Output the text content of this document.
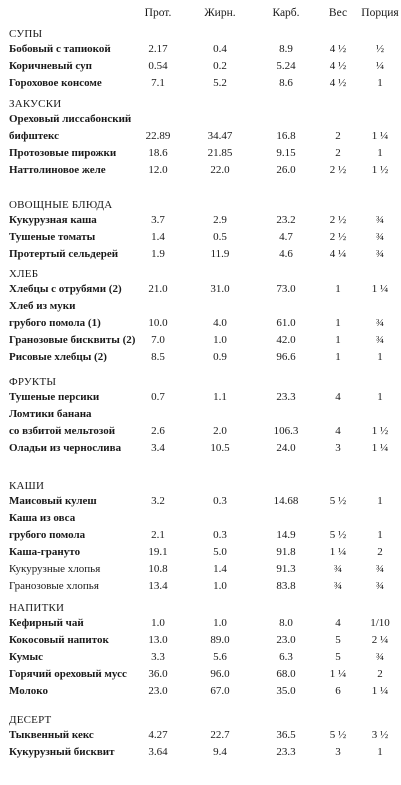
Прот.	Жирн.	Карб.	Вес	Порция
СУПЫ
Бобовый с тапиокой	2.17	0.4	8.9	4 ½	½
Коричневый суп	0.54	0.2	5.24	4 ½	¼
Гороховое консоме	7.1	5.2	8.6	4 ½	1
ЗАКУСКИ
Ореховый лиссабонский
бифштекс	22.89	34.47	16.8	2	1 ¼
Протозовые пирожки	18.6	21.85	9.15	2	1
Наттолиновое желе	12.0	22.0	26.0	2 ½	1 ½
ОВОЩНЫЕ БЛЮДА
Кукурузная каша	3.7	2.9	23.2	2 ½	¾
Тушеные томаты	1.4	0.5	4.7	2 ½	¾
Протертый сельдерей	1.9	11.9	4.6	4 ¼	¾
ХЛЕБ
Хлебцы с отрубями (2)	21.0	31.0	73.0	1	1 ¼
Хлеб из муки
грубого помола (1)	10.0	4.0	61.0	1	¾
Гранозовые бисквиты (2)	7.0	1.0	42.0	1	¾
Рисовые хлебцы (2)	8.5	0.9	96.6	1	1
ФРУКТЫ
Тушеные персики	0.7	1.1	23.3	4	1
Ломтики банана
со взбитой мельтозой	2.6	2.0	106.3	4	1 ½
Оладьи из чернослива	3.4	10.5	24.0	3	1 ¼
КАШИ
Маисовый кулеш	3.2	0.3	14.68	5 ½	1
Каша из овса
грубого помола	2.1	0.3	14.9	5 ½	1
Каша-гранутo	19.1	5.0	91.8	1 ¼	2
Кукурузные хлопья	10.8	1.4	91.3	¾	¾
Гранозовые хлопья	13.4	1.0	83.8	¾	¾
НАПИТКИ
Кефирный чай	1.0	1.0	8.0	4	1/10
Кокосовый напиток	13.0	89.0	23.0	5	2 ¼
Кумыс	3.3	5.6	6.3	5	¾
Горячий ореховый мусс	36.0	96.0	68.0	1 ¼	2
Молоко	23.0	67.0	35.0	6	1 ¼
ДЕСЕРТ
Тыквенный кекс	4.27	22.7	36.5	5 ½	3 ½
Кукурузный бисквит	3.64	9.4	23.3	3	1
